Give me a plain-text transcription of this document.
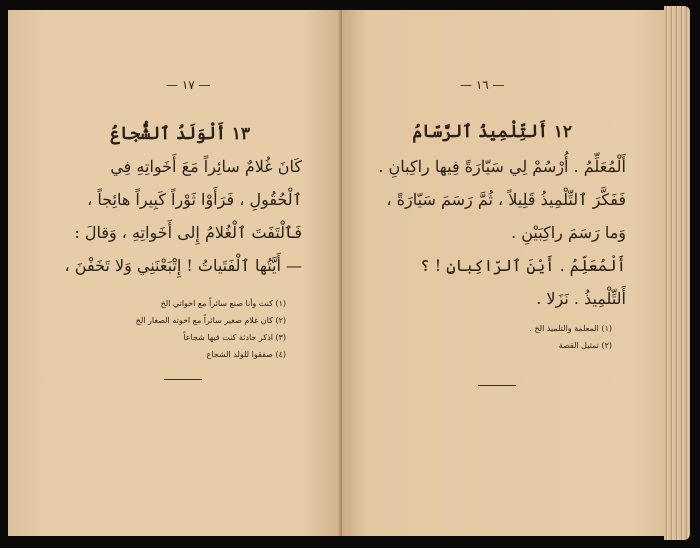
— ١٧ —
١٣ أَلْوَلَدُ ٱلشُّجاعُ
كَانَ غُلامٌ سائِراً مَعَ أَخَواتِهِ فِي
ٱلْحُقُولِ ، فَرَأَوْا ثَوْراً كَبِيراً هائِجاً ،
فَٱلْتَفَتَ ٱلْغُلامُ إِلى أَخَواتِهِ ، وَقالَ :
— أَيَّتُها ٱلْفَتَياتُ ! إِتْبَعْنَنِي وَلا تَخَفْنَ ،
(١) كنت وأنا صنع سائراً مع اخواتي الخ
(٢) كان غلام صغير سائراً مع اخوته الصغار الخ
(٣) اذكر حادثة كنت فيها شجاعاً
(٤) صفقوا للولد الشجاع
— ١٦ —
١٢ أَلتِّلْمِيذُ ٱلرَّسّامُ
أَلْمُعَلِّمُ . أُرْسُمْ لِي سَيّارَةً فِيها راكِبانِ .
فَفَكَّرَ ٱلتِّلْمِيذُ قَلِيلاً ، ثُمَّ رَسَمَ سَيّارَةً ،
وَما رَسَمَ راكِبَيْنِ .
أَلْمُعَلِّمُ . أَيْنَ ٱلرّاكِبانِ ! ؟
أَلتِّلْمِيذُ . نَزَلا .
(١) المعلمة والتلميذ الخ .
(٢) تمثيل القصة
